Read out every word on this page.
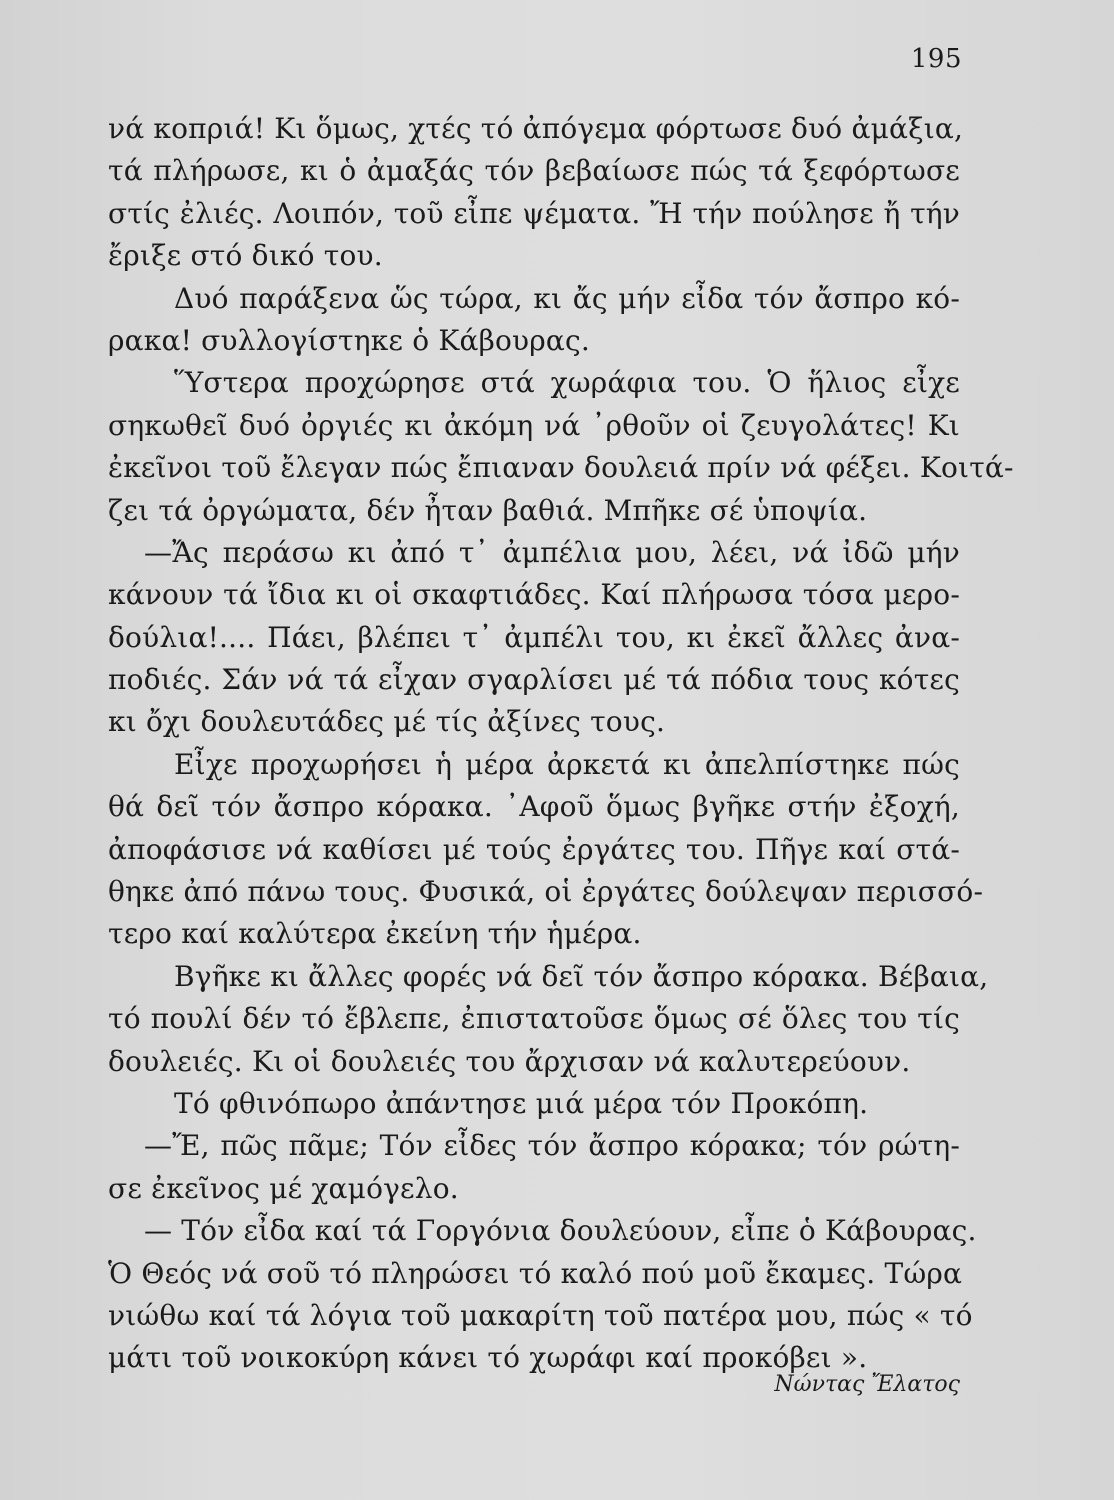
195
νά κοπριά! Κι ὅμως, χτές τό ἀπόγεμα φόρτωσε δυό ἀμάξια,
τά πλήρωσε, κι ὁ ἀμαξάς τόν βεβαίωσε πώς τά ξεφόρτωσε
στίς ἐλιές. Λοιπόν, τοῦ εἶπε ψέματα. Ἤ τήν πούλησε ἤ τήν
ἔριξε στό δικό του.
Δυό παράξενα ὥς τώρα, κι ἄς μήν εἶδα τόν ἄσπρο κό-
ρακα! συλλογίστηκε ὁ Κάβουρας.
Ὕστερα προχώρησε στά χωράφια του. Ὁ ἥλιος εἶχε
σηκωθεῖ δυό ὀργιές κι ἀκόμη νά ᾿ρθοῦν οἱ ζευγολάτες! Κι
ἐκεῖνοι τοῦ ἔλεγαν πώς ἔπιαναν δουλειά πρίν νά φέξει. Κοιτά-
ζει τά ὀργώματα, δέν ἦταν βαθιά. Μπῆκε σέ ὑποψία.
—Ἄς περάσω κι ἀπό τ᾿ ἀμπέλια μου, λέει, νά ἰδῶ μήν
κάνουν τά ἴδια κι οἱ σκαφτιάδες. Καί πλήρωσα τόσα μερο-
δούλια!.... Πάει, βλέπει τ᾿ ἀμπέλι του, κι ἐκεῖ ἄλλες ἀνα-
ποδιές. Σάν νά τά εἶχαν σγαρλίσει μέ τά πόδια τους κότες
κι ὄχι δουλευτάδες μέ τίς ἀξίνες τους.
Εἶχε προχωρήσει ἡ μέρα ἀρκετά κι ἀπελπίστηκε πώς
θά δεῖ τόν ἄσπρο κόρακα. ᾿Αφοῦ ὅμως βγῆκε στήν ἐξοχή,
ἀποφάσισε νά καθίσει μέ τούς ἐργάτες του. Πῆγε καί στά-
θηκε ἀπό πάνω τους. Φυσικά, οἱ ἐργάτες δούλεψαν περισσό-
τερο καί καλύτερα ἐκείνη τήν ἡμέρα.
Βγῆκε κι ἄλλες φορές νά δεῖ τόν ἄσπρο κόρακα. Βέβαια,
τό πουλί δέν τό ἔβλεπε, ἐπιστατοῦσε ὅμως σέ ὅλες του τίς
δουλειές. Κι οἱ δουλειές του ἄρχισαν νά καλυτερεύουν.
Τό φθινόπωρο ἀπάντησε μιά μέρα τόν Προκόπη.
—Ἔ, πῶς πᾶμε; Τόν εἶδες τόν ἄσπρο κόρακα; τόν ρώτη-
σε ἐκεῖνος μέ χαμόγελο.
— Τόν εἶδα καί τά Γοργόνια δουλεύουν, εἶπε ὁ Κάβουρας.
Ὁ Θεός νά σοῦ τό πληρώσει τό καλό πού μοῦ ἔκαμες. Τώρα
νιώθω καί τά λόγια τοῦ μακαρίτη τοῦ πατέρα μου, πώς « τό
μάτι τοῦ νοικοκύρη κάνει τό χωράφι καί προκόβει ».
Νώντας Ἔλατος
